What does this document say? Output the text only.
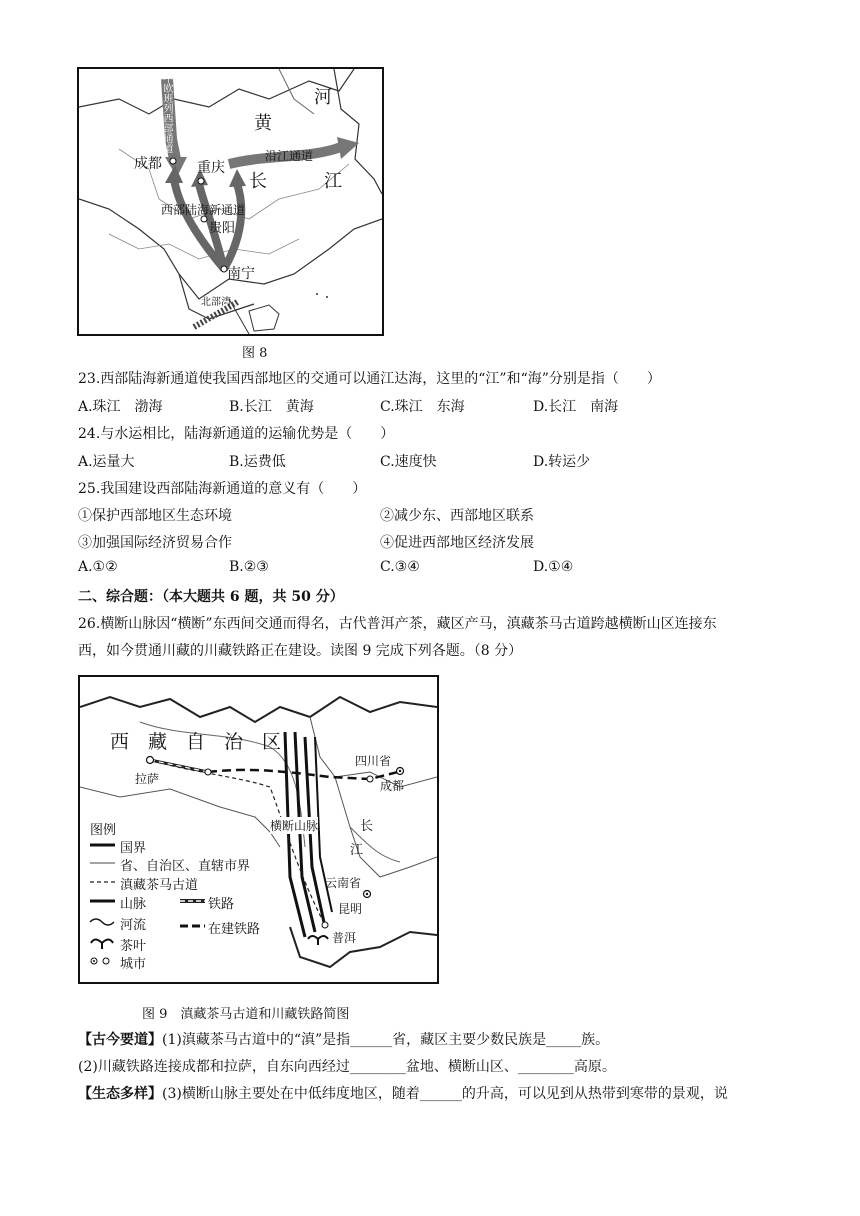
黄
河
成都	重庆
沿江通道
长	江
西部陆海新通道
贵阳
南宁
北部湾
中欧班列西部通道
图 8
23.西部陆海新通道使我国西部地区的交通可以通江达海，这里的“江”和“海”分别是指（　　）
A.珠江　渤海	B.长江　黄海	C.珠江　东海	D.长江　南海
24.与水运相比，陆海新通道的运输优势是（　　）
A.运量大	B.运费低	C.速度快	D.转运少
25.我国建设西部陆海新通道的意义有（　　）
①保护西部地区生态环境	②减少东、西部地区联系
③加强国际经济贸易合作	④促进西部地区经济发展
A.①②	B.②③	C.③④	D.①④
二、综合题：（本大题共 6 题，共 50 分）
26.横断山脉因“横断”东西间交通而得名，古代普洱产茶，藏区产马，滇藏茶马古道跨越横断山区连接东
西，如今贯通川藏的川藏铁路正在建设。读图 9 完成下列各题。（8 分）
西　藏　自　治　区
拉萨
四川省
成都
横断山脉	长
江
云南省
昆明
普洱
图例
国界
省、自治区、直辖市界
滇藏茶马古道
山脉
河流
茶叶
城市
铁路
在建铁路
图 9　滇藏茶马古道和川藏铁路简图
【古今要道】(1)滇藏茶马古道中的“滇”是指______省，藏区主要少数民族是_____族。
(2)川藏铁路连接成都和拉萨，自东向西经过________盆地、横断山区、________高原。
【生态多样】(3)横断山脉主要处在中低纬度地区，随着______的升高，可以见到从热带到寒带的景观，说
